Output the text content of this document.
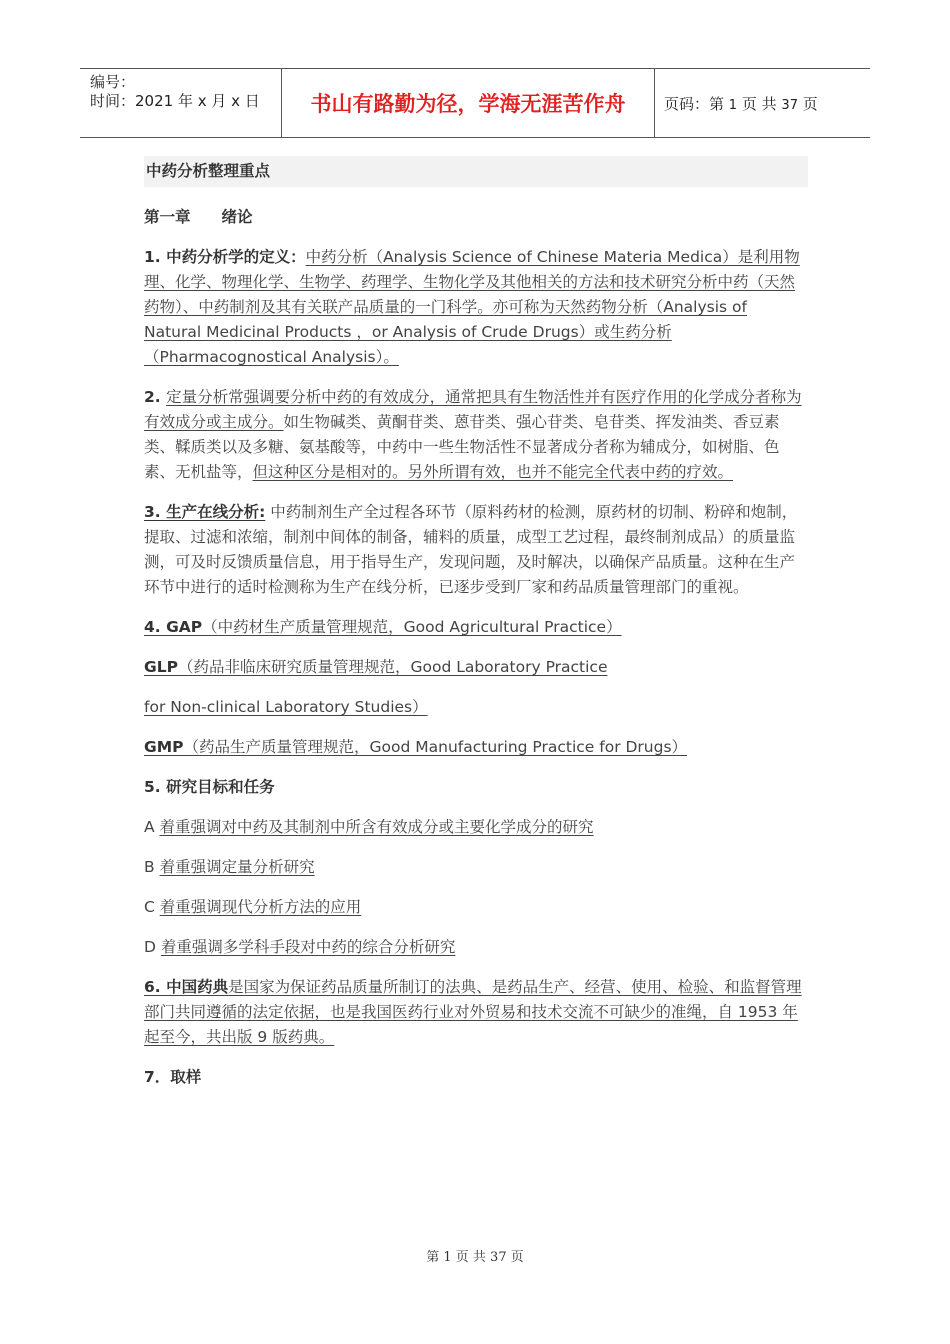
编号：
时间：2021 年 x 月 x 日	书山有路勤为径，学海无涯苦作舟	页码：第 1 页 共 37 页
中药分析整理重点

第一章　　绪论

1. 中药分析学的定义：中药分析（Analysis Science of Chinese Materia Medica）是利用物理、化学、物理化学、生物学、药理学、生物化学及其他相关的方法和技术研究分析中药（天然药物）、中药制剂及其有关联产品质量的一门科学。亦可称为天然药物分析（Analysis of Natural Medicinal Products ，or Analysis of Crude Drugs）或生药分析（Pharmacognostical Analysis）。

2. 定量分析常强调要分析中药的有效成分，通常把具有生物活性并有医疗作用的化学成分者称为有效成分或主成分。如生物碱类、黄酮苷类、蒽苷类、强心苷类、皂苷类、挥发油类、香豆素类、鞣质类以及多糖、氨基酸等，中药中一些生物活性不显著成分者称为辅成分，如树脂、色素、无机盐等，但这种区分是相对的。另外所谓有效，也并不能完全代表中药的疗效。

3. 生产在线分析: 中药制剂生产全过程各环节（原料药材的检测，原药材的切制、粉碎和炮制，提取、过滤和浓缩，制剂中间体的制备，辅料的质量，成型工艺过程，最终制剂成品）的质量监测，可及时反馈质量信息，用于指导生产，发现问题，及时解决，以确保产品质量。这种在生产环节中进行的适时检测称为生产在线分析，已逐步受到厂家和药品质量管理部门的重视。

4. GAP（中药材生产质量管理规范，Good Agricultural Practice）

GLP（药品非临床研究质量管理规范，Good Laboratory Practice

for Non-clinical Laboratory Studies）

GMP（药品生产质量管理规范，Good Manufacturing Practice for Drugs）

5. 研究目标和任务

A 着重强调对中药及其制剂中所含有效成分或主要化学成分的研究

B 着重强调定量分析研究

C 着重强调现代分析方法的应用

D 着重强调多学科手段对中药的综合分析研究

6. 中国药典是国家为保证药品质量所制订的法典、是药品生产、经营、使用、检验、和监督管理部门共同遵循的法定依据，也是我国医药行业对外贸易和技术交流不可缺少的准绳，自 1953 年起至今，共出版 9 版药典。

7．取样

第 1 页 共 37 页
